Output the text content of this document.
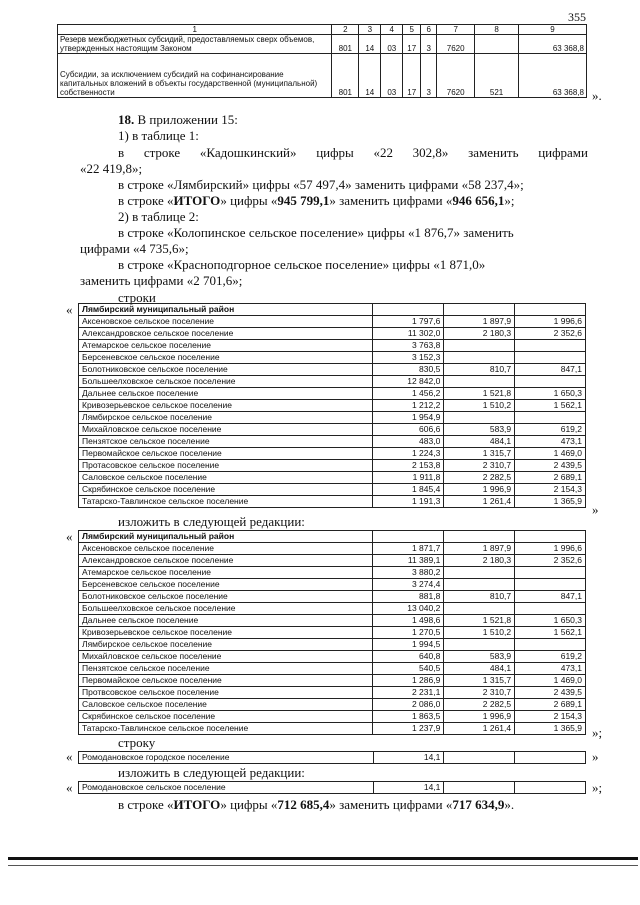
355
1	2	3	4	5	6	7	8	9
Резерв межбюджетных субсидий, предоставляемых сверх объемов, утвержденных настоящим Законом	801	14	03	17	3	7620		63 368,8
Субсидии, за исключением субсидий на софинансирование капитальных вложений в объекты государственной (муниципальной) собственности	801	14	03	17	3	7620	521	63 368,8 ».
18. В приложении 15:
1) в таблице 1:
в строке «Кадошкинский» цифры «22 302,8» заменить цифрами
«22 419,8»;
в строке «Лямбирский» цифры «57 497,4» заменить цифрами «58 237,4»;
в строке «ИТОГО» цифры «945 799,1» заменить цифрами «946 656,1»;
2) в таблице 2:
в строке «Колопинское сельское поселение» цифры «1 876,7» заменить
цифрами «4 735,6»;
в строке «Красноподгорное сельское поселение» цифры «1 871,0»
заменить цифрами «2 701,6»;
строки
« Лямбирский муниципальный район			
Аксеновское сельское поселение	1 797,6	1 897,9	1 996,6
Александровское сельское поселение	11 302,0	2 180,3	2 352,6
Атемарское сельское поселение	3 763,8		
Берсеневское сельское поселение	3 152,3		
Болотниковское сельское поселение	830,5	810,7	847,1
Большеелховское сельское поселение	12 842,0		
Дальнее сельское поселение	1 456,2	1 521,8	1 650,3
Кривозерьевское сельское поселение	1 212,2	1 510,2	1 562,1
Лямбирское сельское поселение	1 954,9		
Михайловское сельское поселение	606,6	583,9	619,2
Пензятское сельское поселение	483,0	484,1	473,1
Первомайское сельское поселение	1 224,3	1 315,7	1 469,0
Протасовское сельское поселение	2 153,8	2 310,7	2 439,5
Саловское сельское поселение	1 911,8	2 282,5	2 689,1
Скрябинское сельское поселение	1 845,4	1 996,9	2 154,3
Татарско-Тавлинское сельское поселение	1 191,3	1 261,4	1 365,9
»
изложить в следующей редакции:
« Лямбирский муниципальный район			
Аксеновское сельское поселение	1 871,7	1 897,9	1 996,6
Александровское сельское поселение	11 389,1	2 180,3	2 352,6
Атемарское сельское поселение	3 880,2		
Берсеневское сельское поселение	3 274,4		
Болотниковское сельское поселение	881,8	810,7	847,1
Большеелховское сельское поселение	13 040,2		
Дальнее сельское поселение	1 498,6	1 521,8	1 650,3
Кривозерьевское сельское поселение	1 270,5	1 510,2	1 562,1
Лямбирское сельское поселение	1 994,5		
Михайловское сельское поселение	640,8	583,9	619,2
Пензятское сельское поселение	540,5	484,1	473,1
Первомайское сельское поселение	1 286,9	1 315,7	1 469,0
Протвсовское сельское поселение	2 231,1	2 310,7	2 439,5
Саловское сельское поселение	2 086,0	2 282,5	2 689,1
Скрябинское сельское поселение	1 863,5	1 996,9	2 154,3
Татарско-Тавлинское сельское поселение	1 237,9	1 261,4	1 365,9 »;
строку
« Ромодановское городское поселение	14,1			»
изложить в следующей редакции:
« Ромодановское сельское поселение	14,1			»;
в строке «ИТОГО» цифры «712 685,4» заменить цифрами «717 634,9».
